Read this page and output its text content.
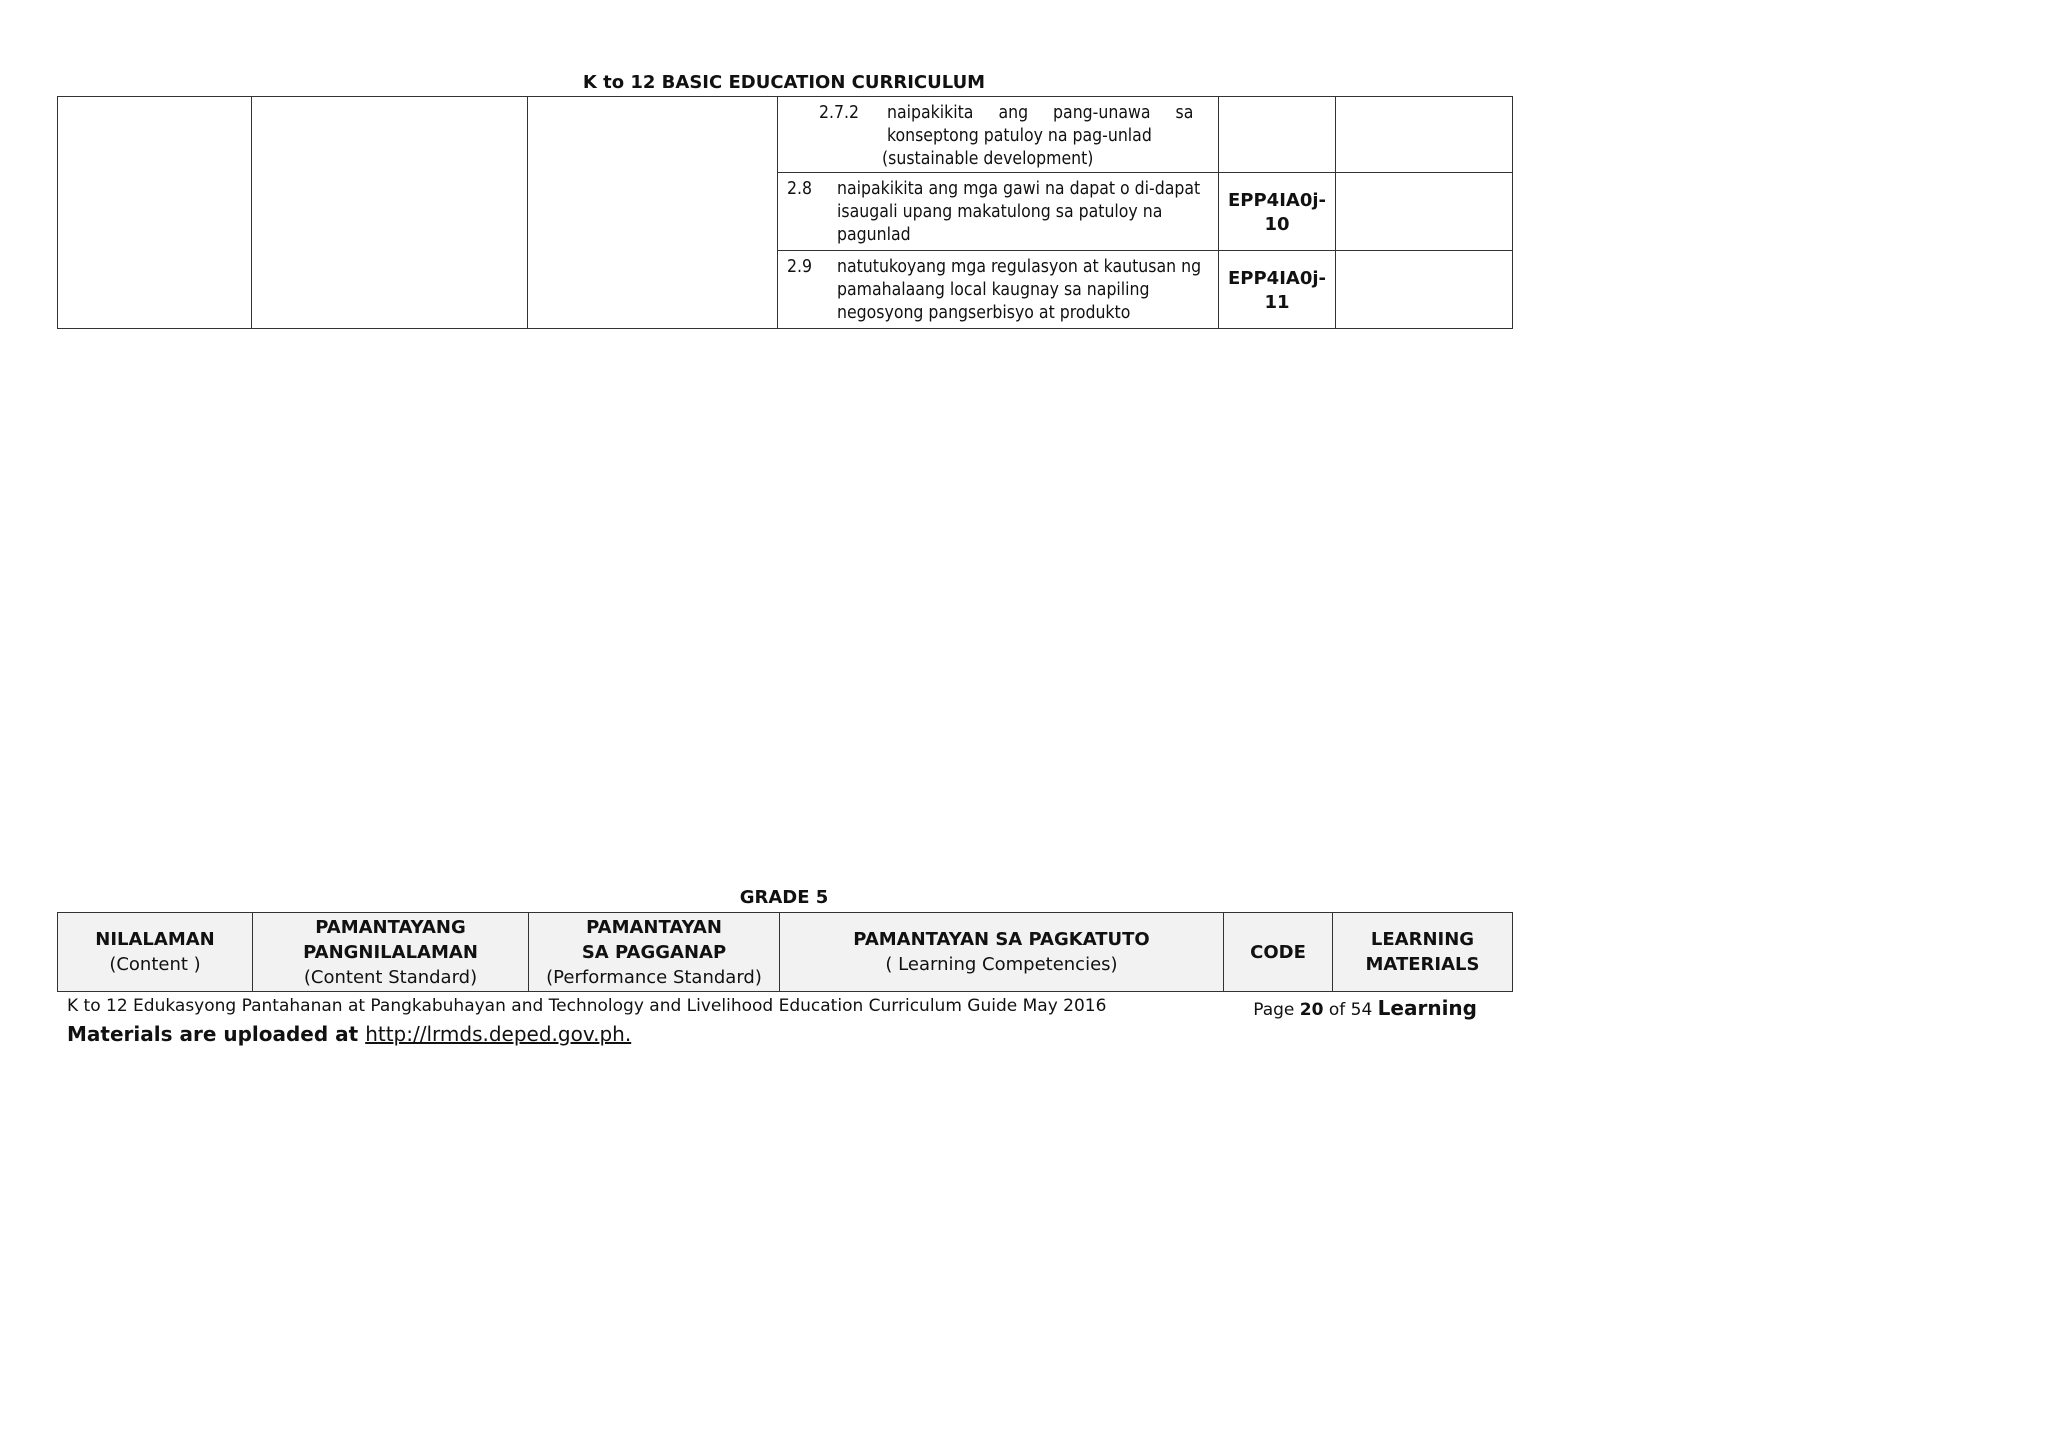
K to 12 BASIC EDUCATION CURRICULUM

			2.7.2 naipakikita     ang     pang-unawa     sa
konseptong patuloy na pag-unlad
(sustainable development)		

			2.8 naipakikita ang mga gawi na dapat o di-dapat isaugali upang makatulong sa patuloy na pagunlad	EPP4IA0j-
10	

			2.9 natutukoyang mga regulasyon at kautusan ng pamahalaang local kaugnay sa napiling negosyong pangserbisyo at produkto	EPP4IA0j-
11	

GRADE 5
NILALAMAN
(Content )

PAMANTAYANG
PANGNILALAMAN
(Content Standard)

PAMANTAYAN
SA PAGGANAP
(Performance Standard)

PAMANTAYAN SA PAGKATUTO
( Learning Competencies)

CODE

LEARNING
MATERIALS
K to 12 Edukasyong Pantahanan at Pangkabuhayan and Technology and Livelihood Education Curriculum Guide May 2016	Page 20 of 54 Learning
Materials are uploaded at http://lrmds.deped.gov.ph.
